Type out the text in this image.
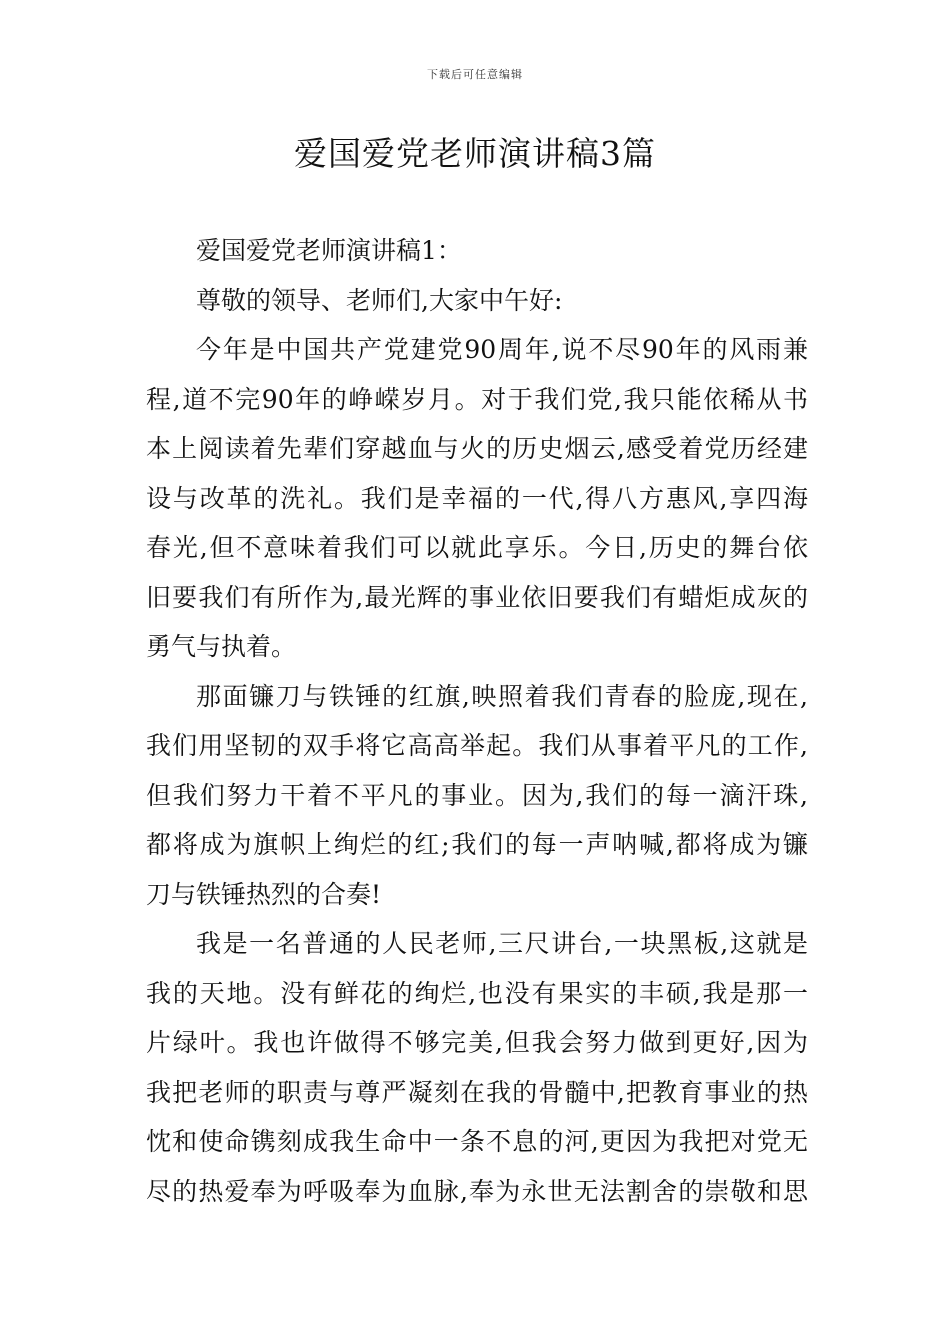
下载后可任意编辑
爱国爱党老师演讲稿3篇
爱国爱党老师演讲稿1：
尊敬的领导、老师们,大家中午好:
今年是中国共产党建党90周年,说不尽90年的风雨兼
程,道不完90年的峥嵘岁月。对于我们党,我只能依稀从书
本上阅读着先辈们穿越血与火的历史烟云,感受着党历经建
设与改革的洗礼。我们是幸福的一代,得八方惠风,享四海
春光,但不意味着我们可以就此享乐。今日,历史的舞台依
旧要我们有所作为,最光辉的事业依旧要我们有蜡炬成灰的
勇气与执着。
那面镰刀与铁锤的红旗,映照着我们青春的脸庞,现在,
我们用坚韧的双手将它高高举起。我们从事着平凡的工作,
但我们努力干着不平凡的事业。因为,我们的每一滴汗珠,
都将成为旗帜上绚烂的红;我们的每一声呐喊,都将成为镰
刀与铁锤热烈的合奏!
我是一名普通的人民老师,三尺讲台,一块黑板,这就是
我的天地。没有鲜花的绚烂,也没有果实的丰硕,我是那一
片绿叶。我也许做得不够完美,但我会努力做到更好,因为
我把老师的职责与尊严凝刻在我的骨髓中,把教育事业的热
忱和使命镌刻成我生命中一条不息的河,更因为我把对党无
尽的热爱奉为呼吸奉为血脉,奉为永世无法割舍的崇敬和思
